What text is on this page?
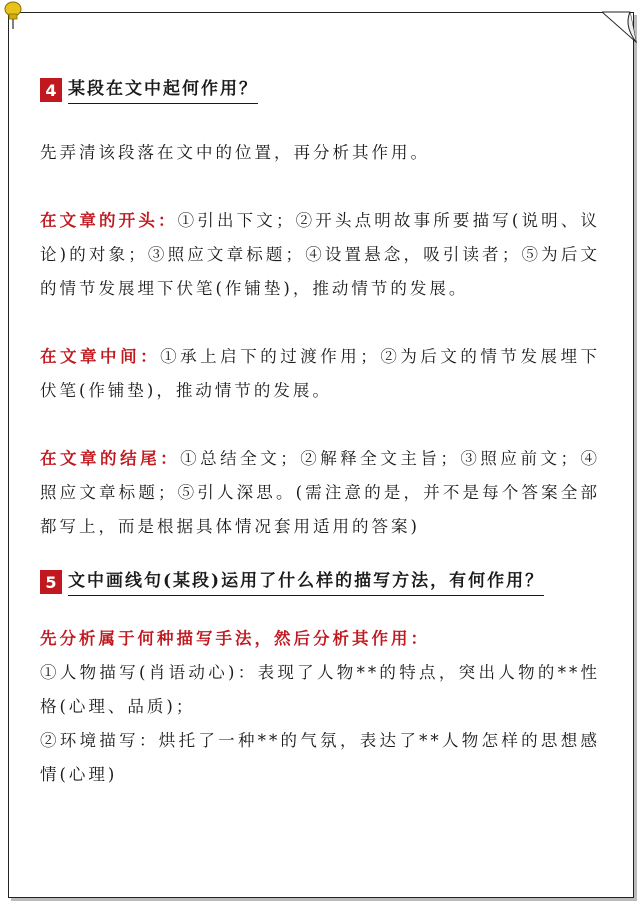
4 某段在文中起何作用？

先弄清该段落在文中的位置，再分析其作用。

在文章的开头：①引出下文；②开头点明故事所要描写(说明、议论)的对象；③照应文章标题；④设置悬念，吸引读者；⑤为后文的情节发展埋下伏笔(作铺垫)，推动情节的发展。

在文章中间：①承上启下的过渡作用；②为后文的情节发展埋下伏笔(作铺垫)，推动情节的发展。

在文章的结尾：①总结全文；②解释全文主旨；③照应前文；④照应文章标题；⑤引人深思。(需注意的是，并不是每个答案全部都写上，而是根据具体情况套用适用的答案)

5 文中画线句(某段)运用了什么样的描写方法，有何作用？

先分析属于何种描写手法，然后分析其作用：

①人物描写(肖语动心)：表现了人物**的特点，突出人物的**性格(心理、品质)；

②环境描写：烘托了一种**的气氛，表达了**人物怎样的思想感情(心理)
